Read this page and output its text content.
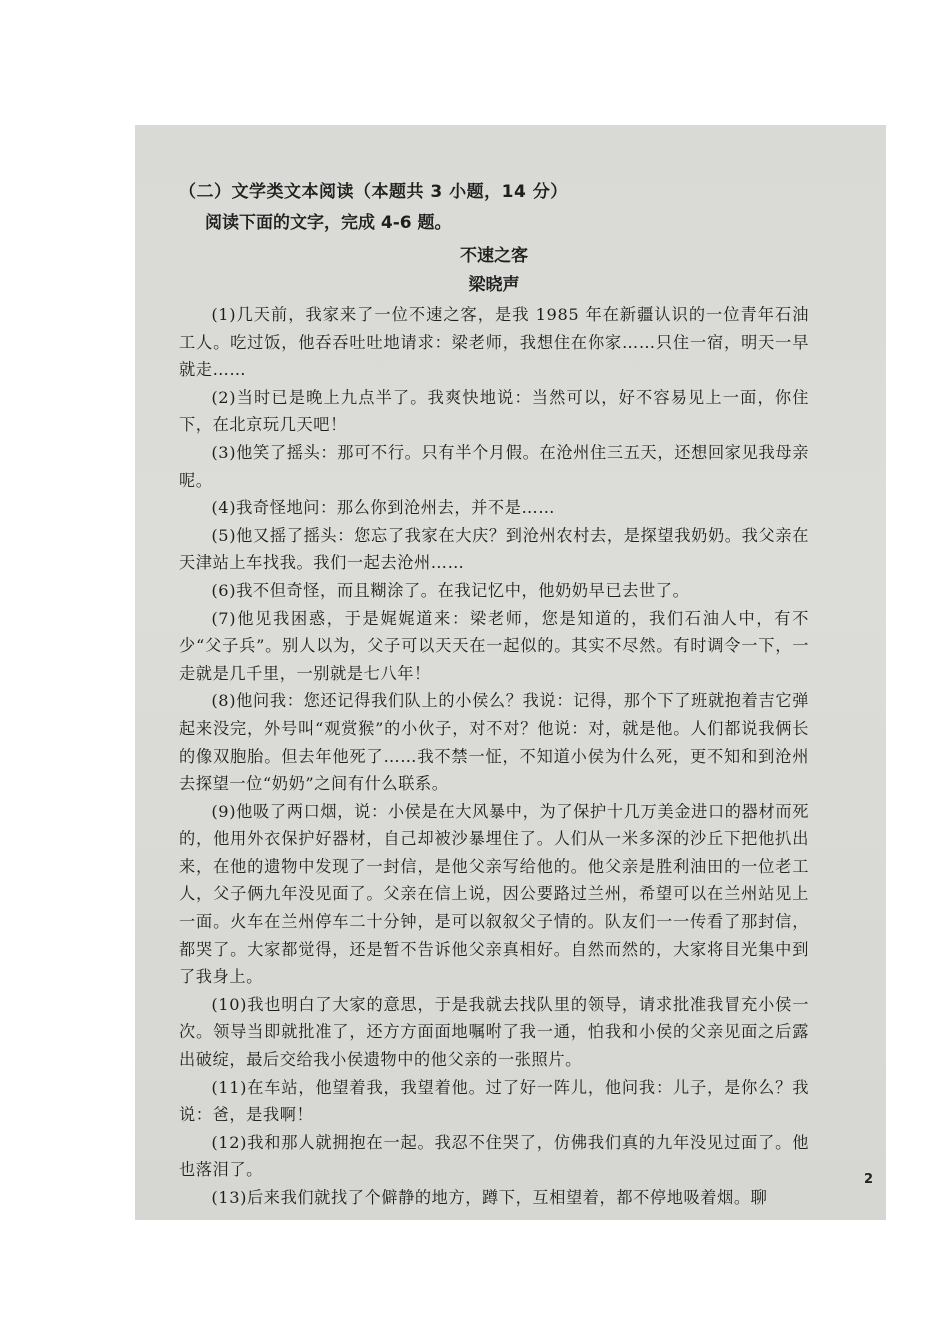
（二）文学类文本阅读（本题共 3 小题，14 分）

阅读下面的文字，完成 4-6 题。

不速之客

梁晓声

(1)几天前，我家来了一位不速之客，是我 1985 年在新疆认识的一位青年石油工人。吃过饭，他吞吞吐吐地请求：梁老师，我想住在你家……只住一宿，明天一早就走……

(2)当时已是晚上九点半了。我爽快地说：当然可以，好不容易见上一面，你住下，在北京玩几天吧！

(3)他笑了摇头：那可不行。只有半个月假。在沧州住三五天，还想回家见我母亲呢。

(4)我奇怪地问：那么你到沧州去，并不是……

(5)他又摇了摇头：您忘了我家在大庆？到沧州农村去，是探望我奶奶。我父亲在天津站上车找我。我们一起去沧州……

(6)我不但奇怪，而且糊涂了。在我记忆中，他奶奶早已去世了。

(7)他见我困惑，于是娓娓道来：梁老师，您是知道的，我们石油人中，有不少“父子兵”。别人以为，父子可以天天在一起似的。其实不尽然。有时调令一下，一走就是几千里，一别就是七八年！

(8)他问我：您还记得我们队上的小侯么？我说：记得，那个下了班就抱着吉它弹起来没完，外号叫“观赏猴”的小伙子，对不对？他说：对，就是他。人们都说我俩长的像双胞胎。但去年他死了……我不禁一怔，不知道小侯为什么死，更不知和到沧州去探望一位“奶奶”之间有什么联系。

(9)他吸了两口烟，说：小侯是在大风暴中，为了保护十几万美金进口的器材而死的，他用外衣保护好器材，自己却被沙暴埋住了。人们从一米多深的沙丘下把他扒出来，在他的遗物中发现了一封信，是他父亲写给他的。他父亲是胜利油田的一位老工人，父子俩九年没见面了。父亲在信上说，因公要路过兰州，希望可以在兰州站见上一面。火车在兰州停车二十分钟，是可以叙叙父子情的。队友们一一传看了那封信，都哭了。大家都觉得，还是暂不告诉他父亲真相好。自然而然的，大家将目光集中到了我身上。

(10)我也明白了大家的意思，于是我就去找队里的领导，请求批准我冒充小侯一次。领导当即就批准了，还方方面面地嘱咐了我一通，怕我和小侯的父亲见面之后露出破绽，最后交给我小侯遗物中的他父亲的一张照片。

(11)在车站，他望着我，我望着他。过了好一阵儿，他问我：儿子，是你么？我说：爸，是我啊！

(12)我和那人就拥抱在一起。我忍不住哭了，仿佛我们真的九年没见过面了。他也落泪了。

(13)后来我们就找了个僻静的地方，蹲下，互相望着，都不停地吸着烟。聊

2
